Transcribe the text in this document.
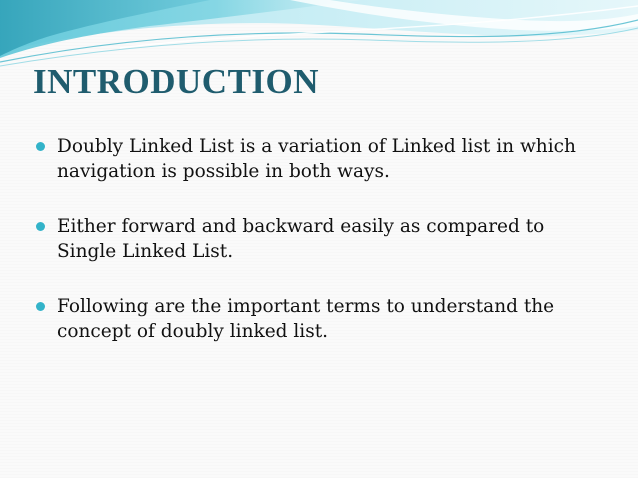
INTRODUCTION
Doubly Linked List is a variation of Linked list in which navigation is possible in both ways.
Either forward and backward easily as compared to Single Linked List.
Following are the important terms to understand the concept of doubly linked list.
